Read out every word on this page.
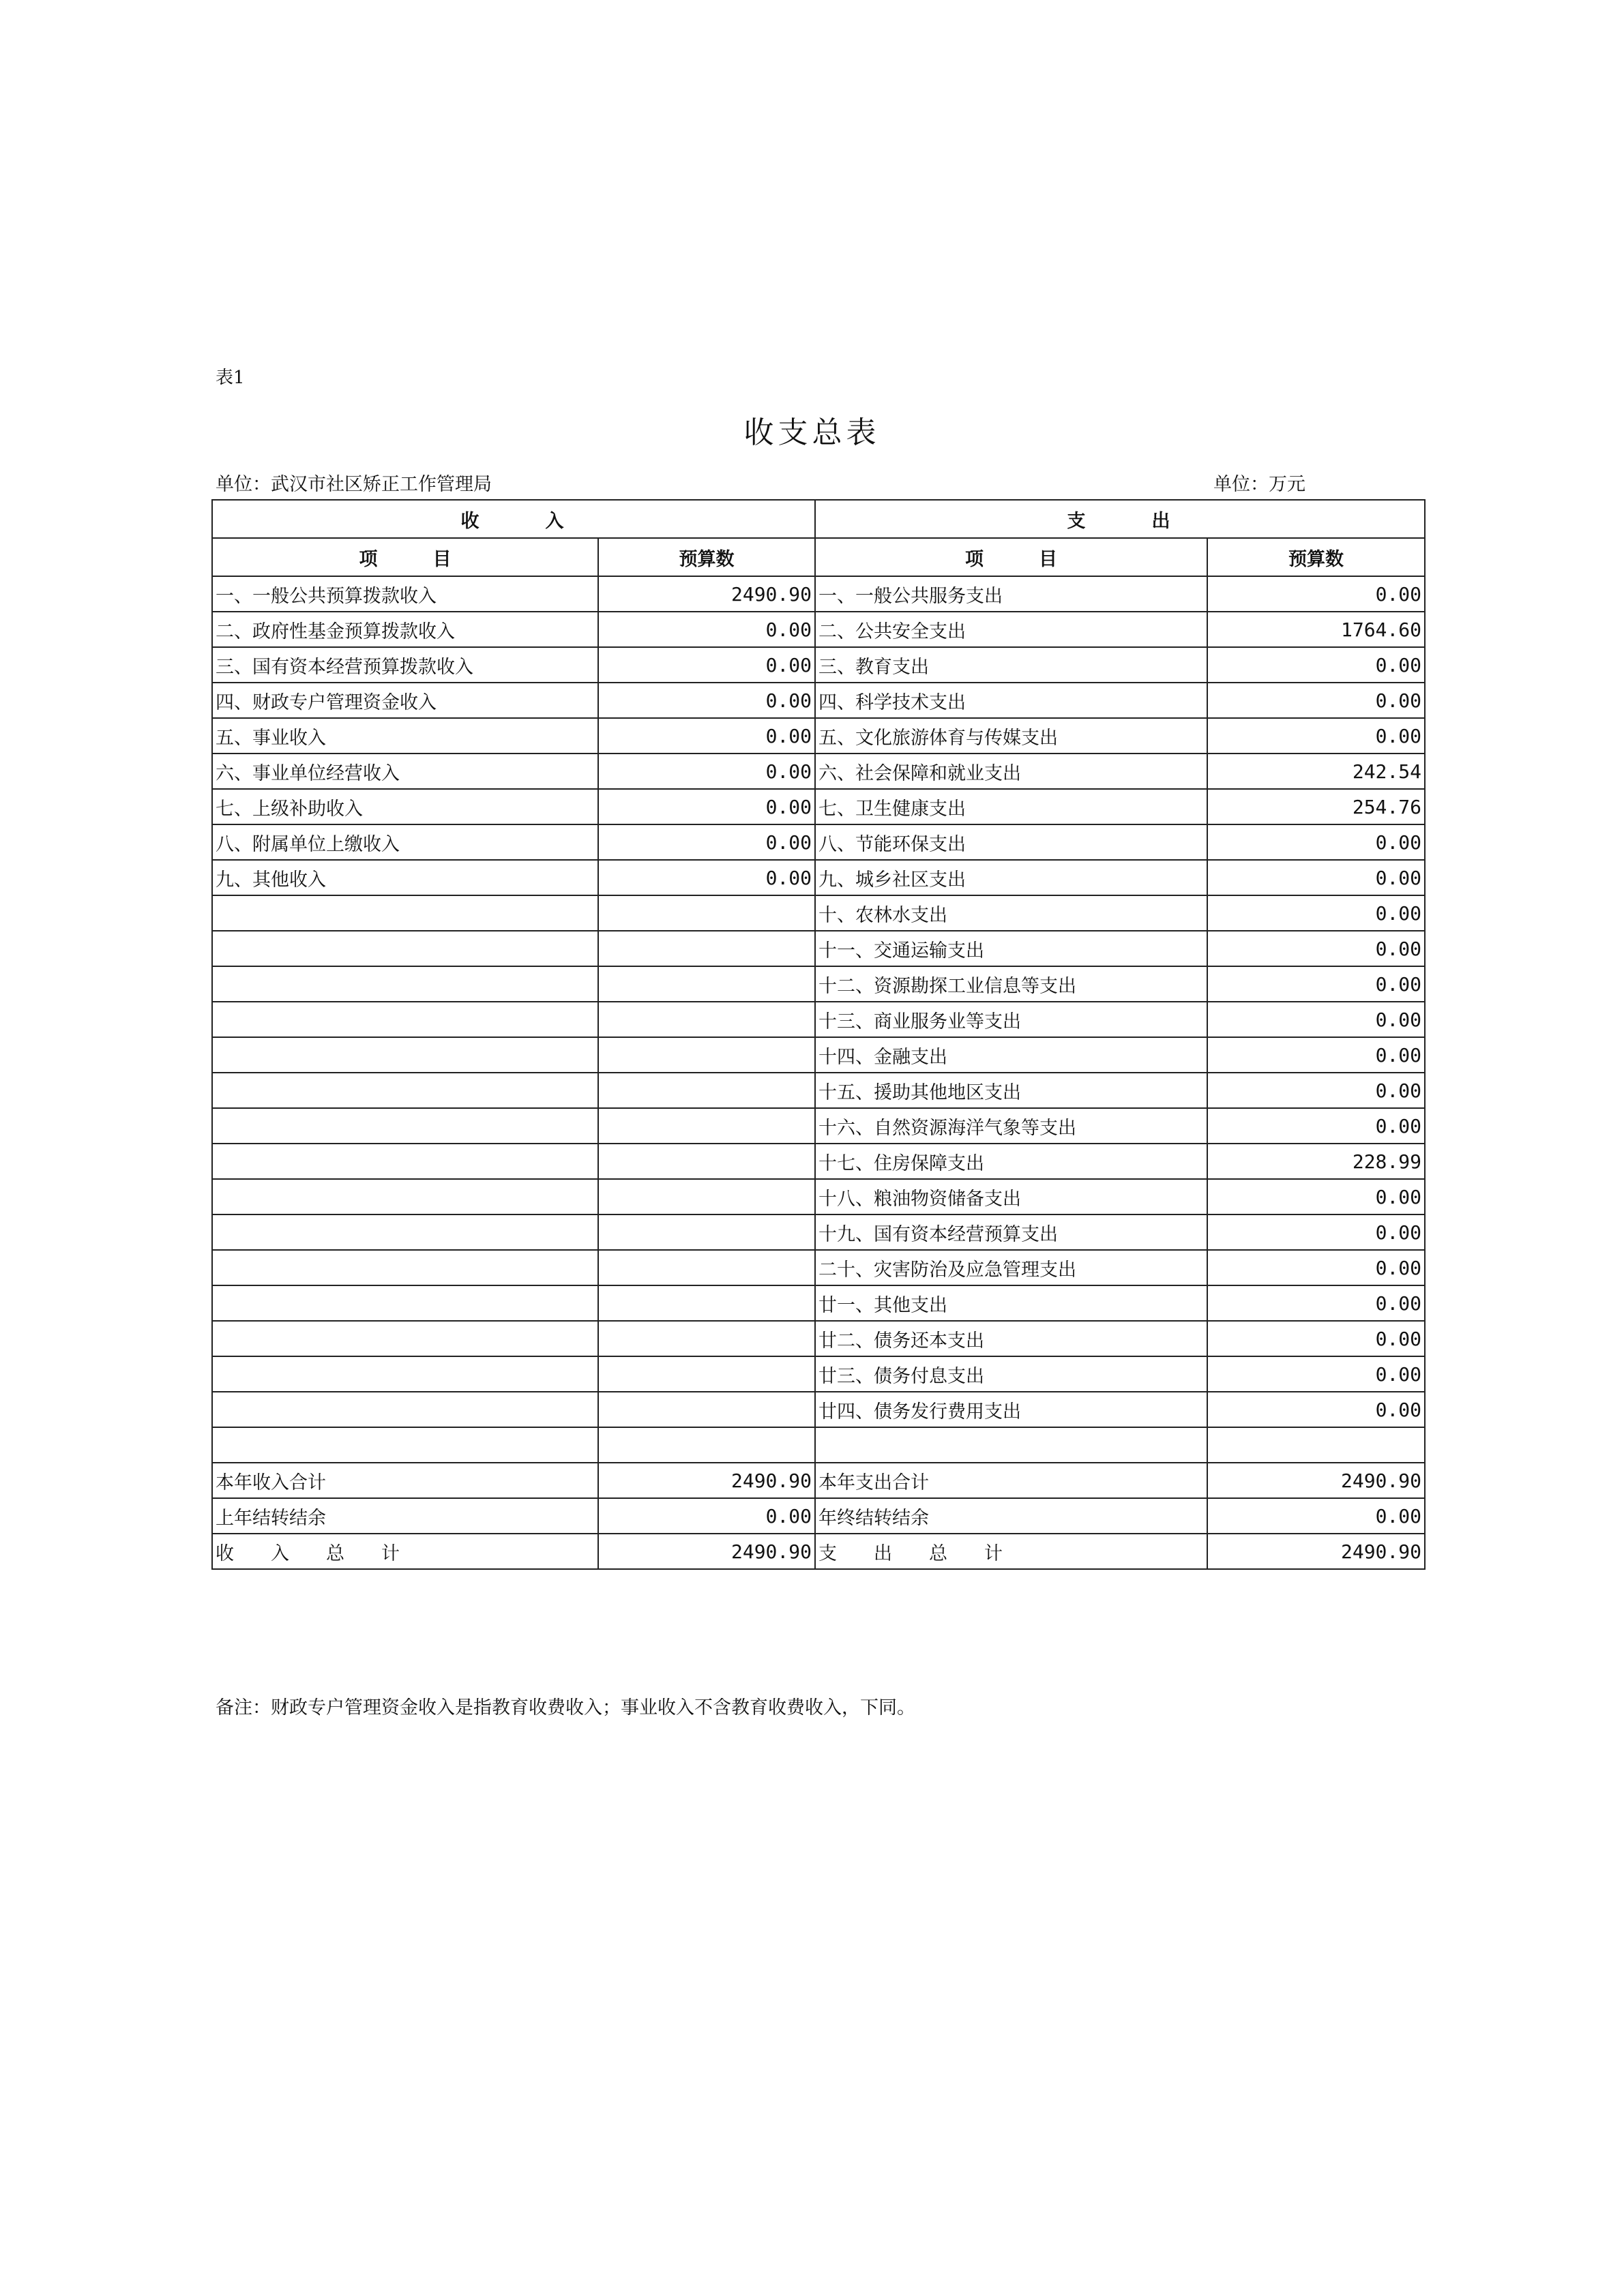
表1
收支总表
单位：武汉市社区矫正工作管理局	单位：万元
收　　　入		支　　　出	
项　　　目	预算数	项　　　目	预算数
一、一般公共预算拨款收入	2490.90	一、一般公共服务支出	0.00
二、政府性基金预算拨款收入	0.00	二、公共安全支出	1764.60
三、国有资本经营预算拨款收入	0.00	三、教育支出	0.00
四、财政专户管理资金收入	0.00	四、科学技术支出	0.00
五、事业收入	0.00	五、文化旅游体育与传媒支出	0.00
六、事业单位经营收入	0.00	六、社会保障和就业支出	242.54
七、上级补助收入	0.00	七、卫生健康支出	254.76
八、附属单位上缴收入	0.00	八、节能环保支出	0.00
九、其他收入	0.00	九、城乡社区支出	0.00
		十、农林水支出	0.00
		十一、交通运输支出	0.00
		十二、资源勘探工业信息等支出	0.00
		十三、商业服务业等支出	0.00
		十四、金融支出	0.00
		十五、援助其他地区支出	0.00
		十六、自然资源海洋气象等支出	0.00
		十七、住房保障支出	228.99
		十八、粮油物资储备支出	0.00
		十九、国有资本经营预算支出	0.00
		二十、灾害防治及应急管理支出	0.00
		廿一、其他支出	0.00
		廿二、债务还本支出	0.00
		廿三、债务付息支出	0.00
		廿四、债务发行费用支出	0.00

本年收入合计	2490.90	本年支出合计	2490.90
上年结转结余	0.00	年终结转结余	0.00
收　　入　　总　　计	2490.90	支　　出　　总　　计	2490.90
备注：财政专户管理资金收入是指教育收费收入；事业收入不含教育收费收入，下同。
